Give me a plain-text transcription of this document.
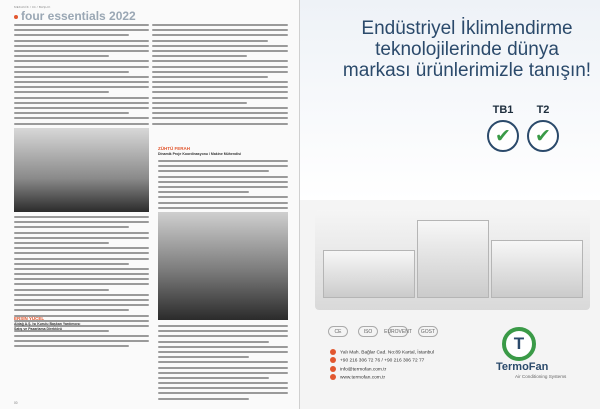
MEKANİK / 04 / BAŞLIK
four essentials 2022
ERSİN YÜCEL
Aldağ A.Ş. Isı Kurulu Başkan Yardımcısı
Satış ve Pazarlama Direktörü
ZÜHTÜ FERAH
Dinamik Proje Koordinasyonu / Makine Mühendisi
00
Endüstriyel İklimlendirme teknolojilerinde dünya markası ürünlerimizle tanışın!
TB1
✔
T2
✔
CE	ISO	EUROVENT	GOST
Yalı Mah. Bağlar Cad. No:89 Kartal, İstanbul
+90 216 306 72 76 / +90 216 306 72 77
info@termofan.com.tr
www.termofan.com.tr
T
TermoFan
Air Conditioning Systems
